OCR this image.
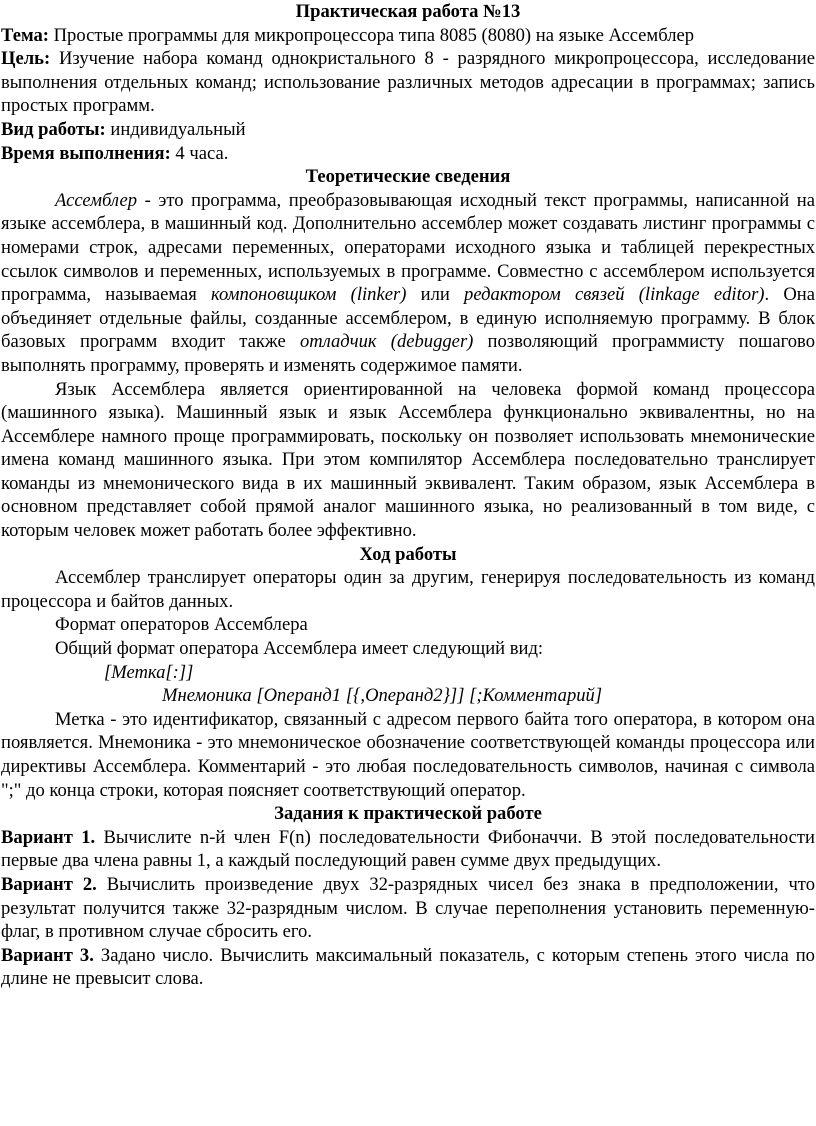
Практическая работа №13

Тема: Простые программы для микропроцессора типа 8085 (8080) на языке Ассемблер

Цель: Изучение набора команд однокристального 8 - разрядного микропроцессора, исследование выполнения отдельных команд; использование различных методов адресации в программах; запись простых программ.

Вид работы: индивидуальный

Время выполнения: 4 часа.

Теоретические сведения

Ассемблер - это программа, преобразовывающая исходный текст программы, написанной на языке ассемблера, в машинный код. Дополнительно ассемблер может создавать листинг программы с номерами строк, адресами переменных, операторами исходного языка и таблицей перекрестных ссылок символов и переменных, используемых в программе. Совместно с ассемблером используется программа, называемая компоновщиком (linker) или редактором связей (linkage editor). Она объединяет отдельные файлы, созданные ассемблером, в единую исполняемую программу. В блок базовых программ входит также отладчик (debugger) позволяющий программисту пошагово выполнять программу, проверять и изменять содержимое памяти.

Язык Ассемблера является ориентированной на человека формой команд процессора (машинного языка). Машинный язык и язык Ассемблера функционально эквивалентны, но на Ассемблере намного проще программировать, поскольку он позволяет использовать мнемонические имена команд машинного языка. При этом компилятор Ассемблера последовательно транслирует команды из мнемонического вида в их машинный эквивалент. Таким образом, язык Ассемблера в основном представляет собой прямой аналог машинного языка, но реализованный в том виде, с которым человек может работать более эффективно.

Ход работы

Ассемблер транслирует операторы один за другим, генерируя последовательность из команд процессора и байтов данных.

Формат операторов Ассемблера

Общий формат оператора Ассемблера имеет следующий вид:

[Метка[:]]

Мнемоника [Операнд1 [{,Операнд2}]] [;Комментарий]

Метка - это идентификатор, связанный с адресом первого байта того оператора, в котором она появляется. Мнемоника - это мнемоническое обозначение соответствующей команды процессора или директивы Ассемблера. Комментарий - это любая последовательность символов, начиная с символа ";" до конца строки, которая поясняет соответствующий оператор.

Задания к практической работе

Вариант 1. Вычислите n-й член F(n) последовательности Фибоначчи. В этой последовательности первые два члена равны 1, а каждый последующий равен сумме двух предыдущих.

Вариант 2. Вычислить произведение двух 32-разрядных чисел без знака в предположении, что результат получится также 32-разрядным числом. В случае переполнения установить переменную-флаг, в противном случае сбросить его.

Вариант 3. Задано число. Вычислить максимальный показатель, с которым степень этого числа по длине не превысит слова.
